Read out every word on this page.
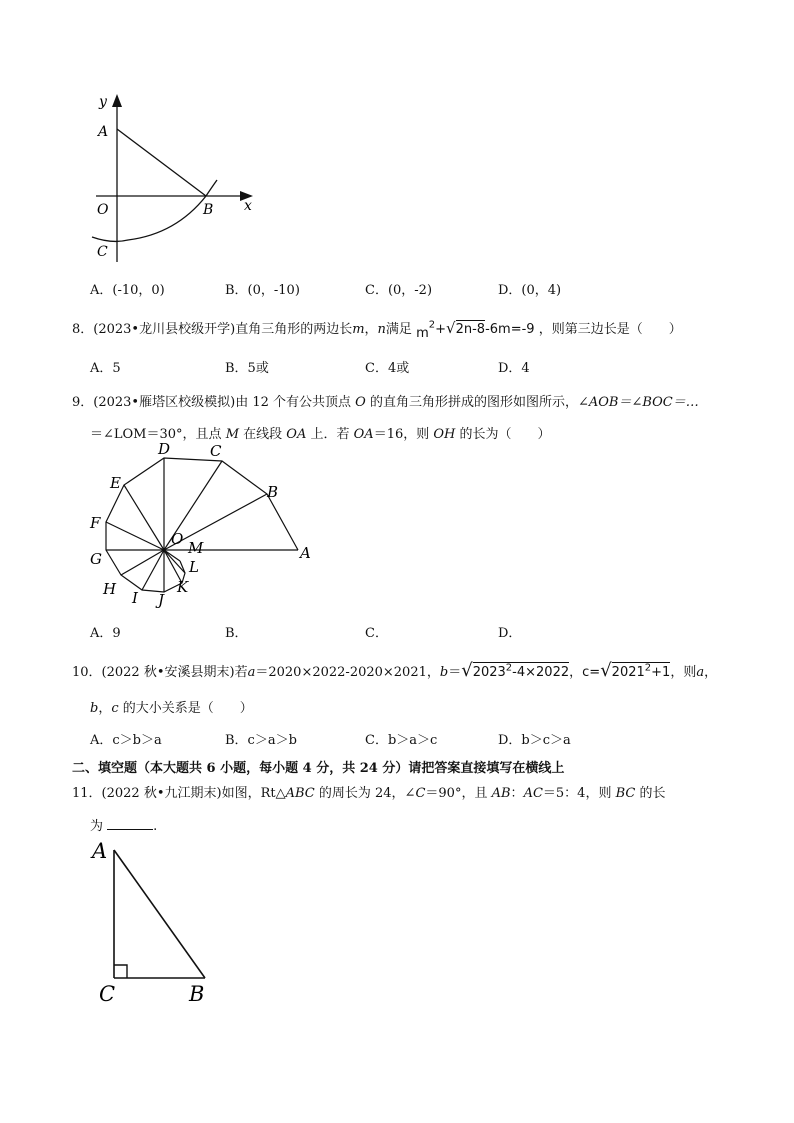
y
A
O	B x
C
A．(-10，0)	B．(0，-10)	C．(0，-2)	D．(0，4)
8．(2023•龙川县校级开学)直角三角形的两边长m，n满足 $m^2+√2n-8-6m=-9$ ，则第三边长是（　　）
A．5	B．5或	C．4或	D．4
9．(2023•雁塔区校级模拟)由 12 个有公共顶点 O 的直角三角形拼成的图形如图所示，∠AOB＝∠BOC＝…
＝∠LOM＝30°，且点 M 在线段 OA 上．若 OA＝16，则 OH 的长为（　　）
D	C
E	B
F
O M
G	A
L
H	K
I J
A．9	B．	C．	D．
10．(2022 秋•安溪县期末)若a＝2020×2022-2020×2021，$b=√2023^2-4\times 2022$，$c=√2021^2+1$，则a，
b，c 的大小关系是（　　）
A．c＞b＞a	B．c＞a＞b	C．b＞a＞c	D．b＞c＞a
二、填空题（本大题共 6 小题，每小题 4 分，共 24 分）请把答案直接填写在横线上
11．(2022 秋•九江期末)如图，Rt△ABC 的周长为 24，∠C＝90°，且 AB：AC＝5：4，则 BC 的长
为	.
A
C	B
